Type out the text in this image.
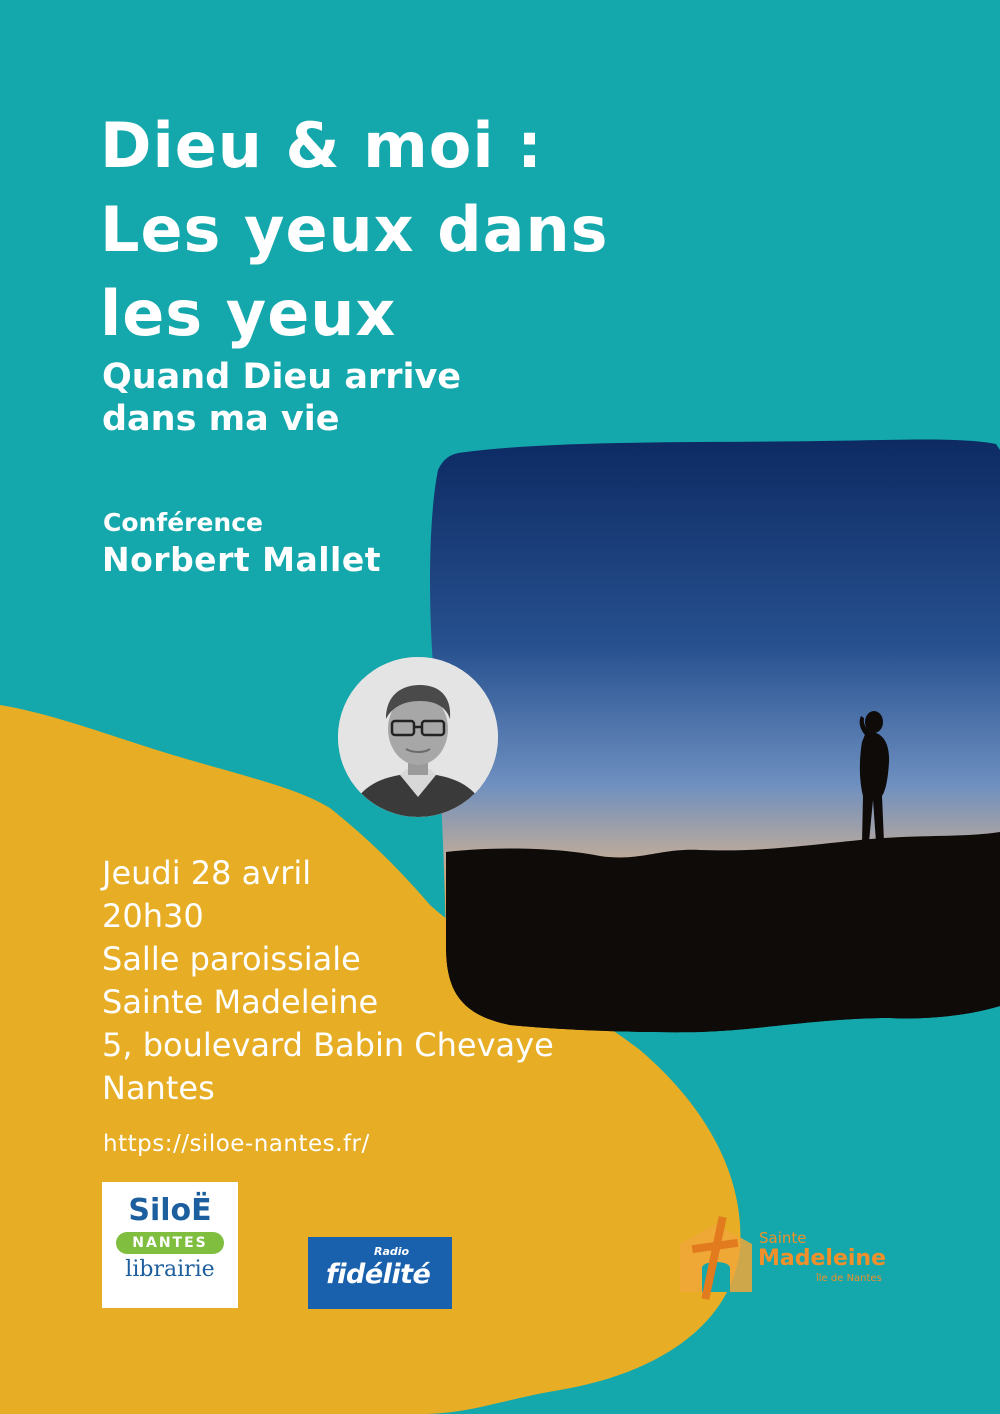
Dieu & moi :
Les yeux dans
les yeux
Quand Dieu arrive
dans ma vie
Conférence
Norbert Mallet
Jeudi 28 avril
20h30
Salle paroissiale
Sainte Madeleine
5, boulevard Babin Chevaye
Nantes
https://siloe-nantes.fr/
SiloË
NANTES
librairie
Radio
fidélité
Sainte
Madeleine
île de Nantes
